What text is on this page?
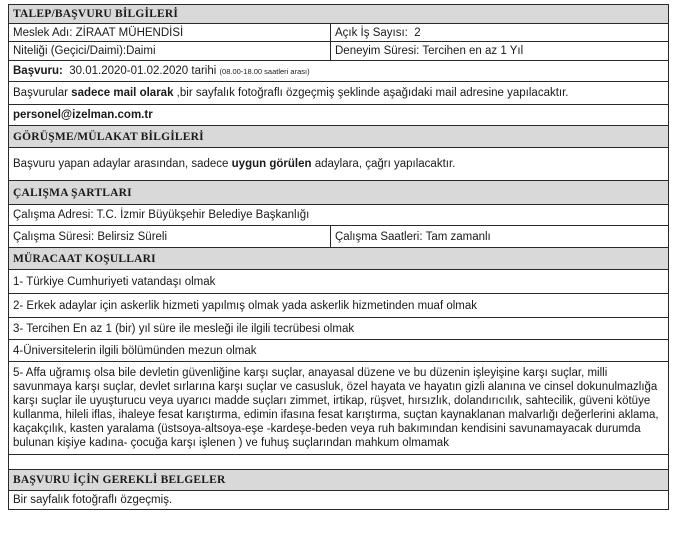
TALEP/BAŞVURU BİLGİLERİ	
Meslek Adı: ZİRAAT MÜHENDİSİ	Açık İş Sayısı: 2
Niteliği (Geçici/Daimi):Daimi	Deneyim Süresi: Tercihen en az 1 Yıl
Başvuru: 30.01.2020-01.02.2020 tarihi (08.00-18.00 saatleri arası)	
Başvurular sadece mail olarak ,bir sayfalık fotoğraflı özgeçmiş şeklinde aşağıdaki mail adresine yapılacaktır.	
personel@izelman.com.tr	
GÖRÜŞME/MÜLAKAT BİLGİLERİ	
Başvuru yapan adaylar arasından, sadece uygun görülen adaylara, çağrı yapılacaktır.	
ÇALIŞMA ŞARTLARI	
Çalışma Adresi: T.C. İzmir Büyükşehir Belediye Başkanlığı	
Çalışma Süresi: Belirsiz Süreli	Çalışma Saatleri: Tam zamanlı
MÜRACAAT KOŞULLARI	
1- Türkiye Cumhuriyeti vatandaşı olmak	
2- Erkek adaylar için askerlik hizmeti yapılmış olmak yada askerlik hizmetinden muaf olmak	
3- Tercihen En az 1 (bir) yıl süre ile mesleği ile ilgili tecrübesi olmak	
4-Üniversitelerin ilgili bölümünden mezun olmak	
5- Affa uğramış olsa bile devletin güvenliğine karşı suçlar, anayasal düzene ve bu düzenin işleyişine karşı suçlar, milli savunmaya karşı suçlar, devlet sırlarına karşı suçlar ve casusluk, özel hayata ve hayatın gizli alanına ve cinsel dokunulmazlığa karşı suçlar ile uyuşturucu veya uyarıcı madde suçları zimmet, irtikap, rüşvet, hırsızlık, dolandırıcılık, sahtecilik, güveni kötüye kullanma, hileli iflas, ihaleye fesat karıştırma, edimin ifasına fesat karıştırma, suçtan kaynaklanan malvarlığı değerlerini aklama, kaçakçılık, kasten yaralama (üstsoya-altsoya-eşe -kardeşe-beden veya ruh bakımından kendisini savunamayacak durumda bulunan kişiye kadına- çocuğa karşı işlenen ) ve fuhuş suçlarından mahkum olmamak	

BAŞVURU İÇİN GEREKLİ BELGELER	
Bir sayfalık fotoğraflı özgeçmiş.	
